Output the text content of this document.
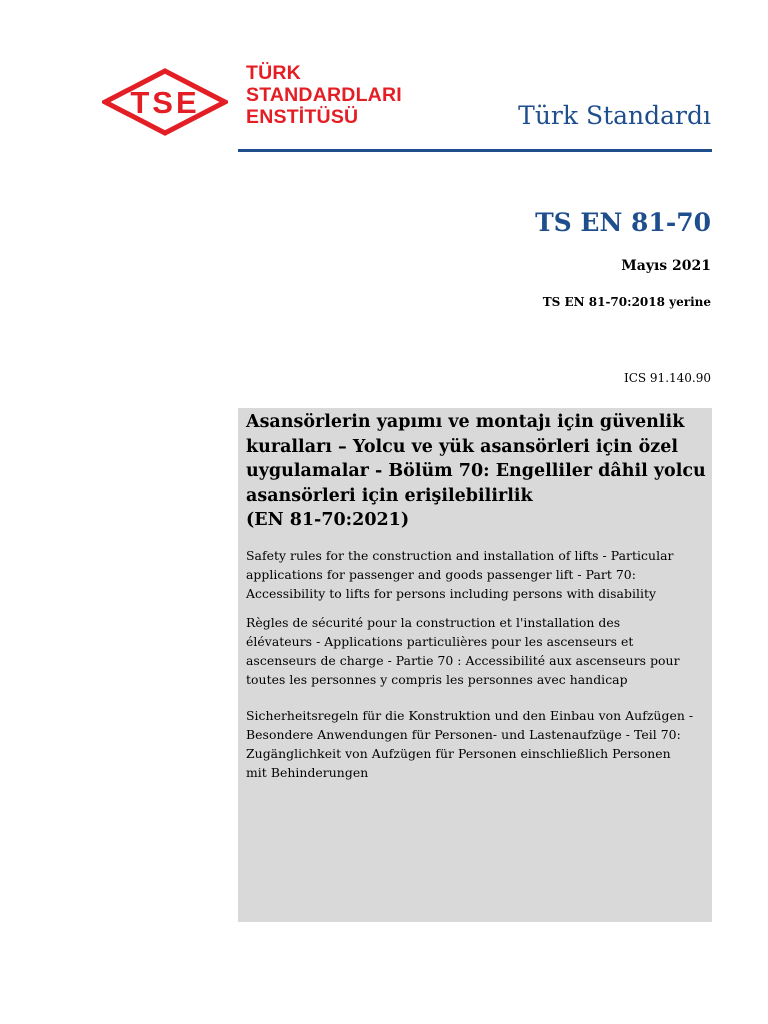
TSE
TÜRK
STANDARDLARI
ENSTİTÜSÜ	Türk Standardı
TS EN 81-70
Mayıs 2021
TS EN 81-70:2018 yerine
ICS 91.140.90

Asansörlerin yapımı ve montajı için güvenlik
kuralları – Yolcu ve yük asansörleri için özel
uygulamalar - Bölüm 70: Engelliler dâhil yolcu
asansörleri için erişilebilirlik
(EN 81-70:2021)

Safety rules for the construction and installation of lifts - Particular
applications for passenger and goods passenger lift - Part 70:
Accessibility to lifts for persons including persons with disability

Règles de sécurité pour la construction et l'installation des
élévateurs - Applications particulières pour les ascenseurs et
ascenseurs de charge - Partie 70 : Accessibilité aux ascenseurs pour
toutes les personnes y compris les personnes avec handicap

Sicherheitsregeln für die Konstruktion und den Einbau von Aufzügen -
Besondere Anwendungen für Personen- und Lastenaufzüge - Teil 70:
Zugänglichkeit von Aufzügen für Personen einschließlich Personen
mit Behinderungen
